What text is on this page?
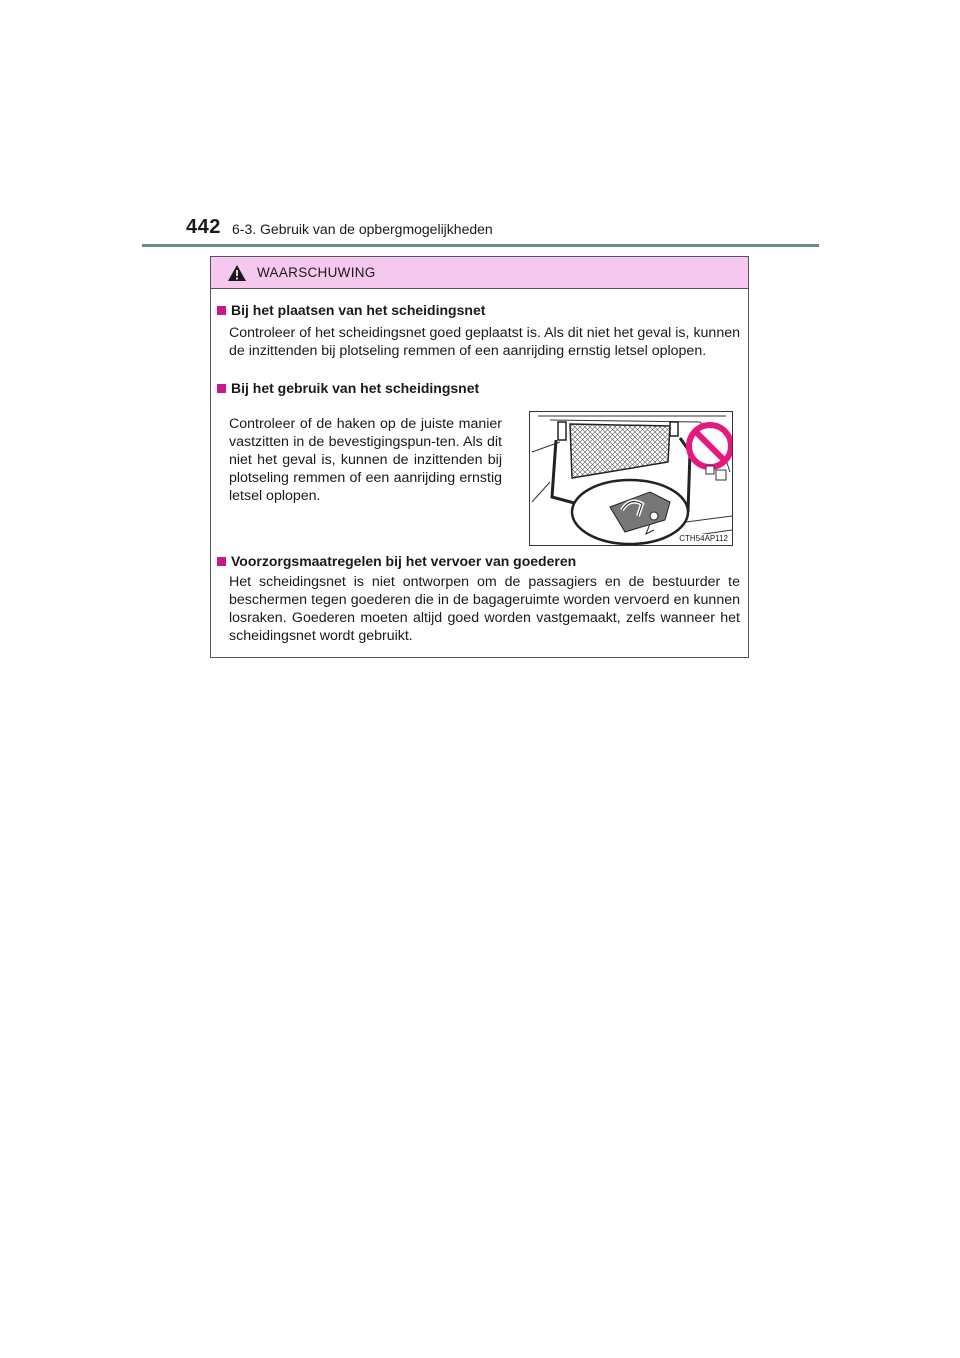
442 6-3. Gebruik van de opbergmogelijkheden
WAARSCHUWING
Bij het plaatsen van het scheidingsnet
Controleer of het scheidingsnet goed geplaatst is. Als dit niet het geval is, kunnen de inzittenden bij plotseling remmen of een aanrijding ernstig letsel oplopen.
Bij het gebruik van het scheidingsnet
Controleer of de haken op de juiste manier vastzitten in de bevestigingspun-ten. Als dit niet het geval is, kunnen de inzittenden bij plotseling remmen of een aanrijding ernstig letsel oplopen.
CTH54AP112
Voorzorgsmaatregelen bij het vervoer van goederen
Het scheidingsnet is niet ontworpen om de passagiers en de bestuurder te beschermen tegen goederen die in de bagageruimte worden vervoerd en kunnen losraken. Goederen moeten altijd goed worden vastgemaakt, zelfs wanneer het scheidingsnet wordt gebruikt.
